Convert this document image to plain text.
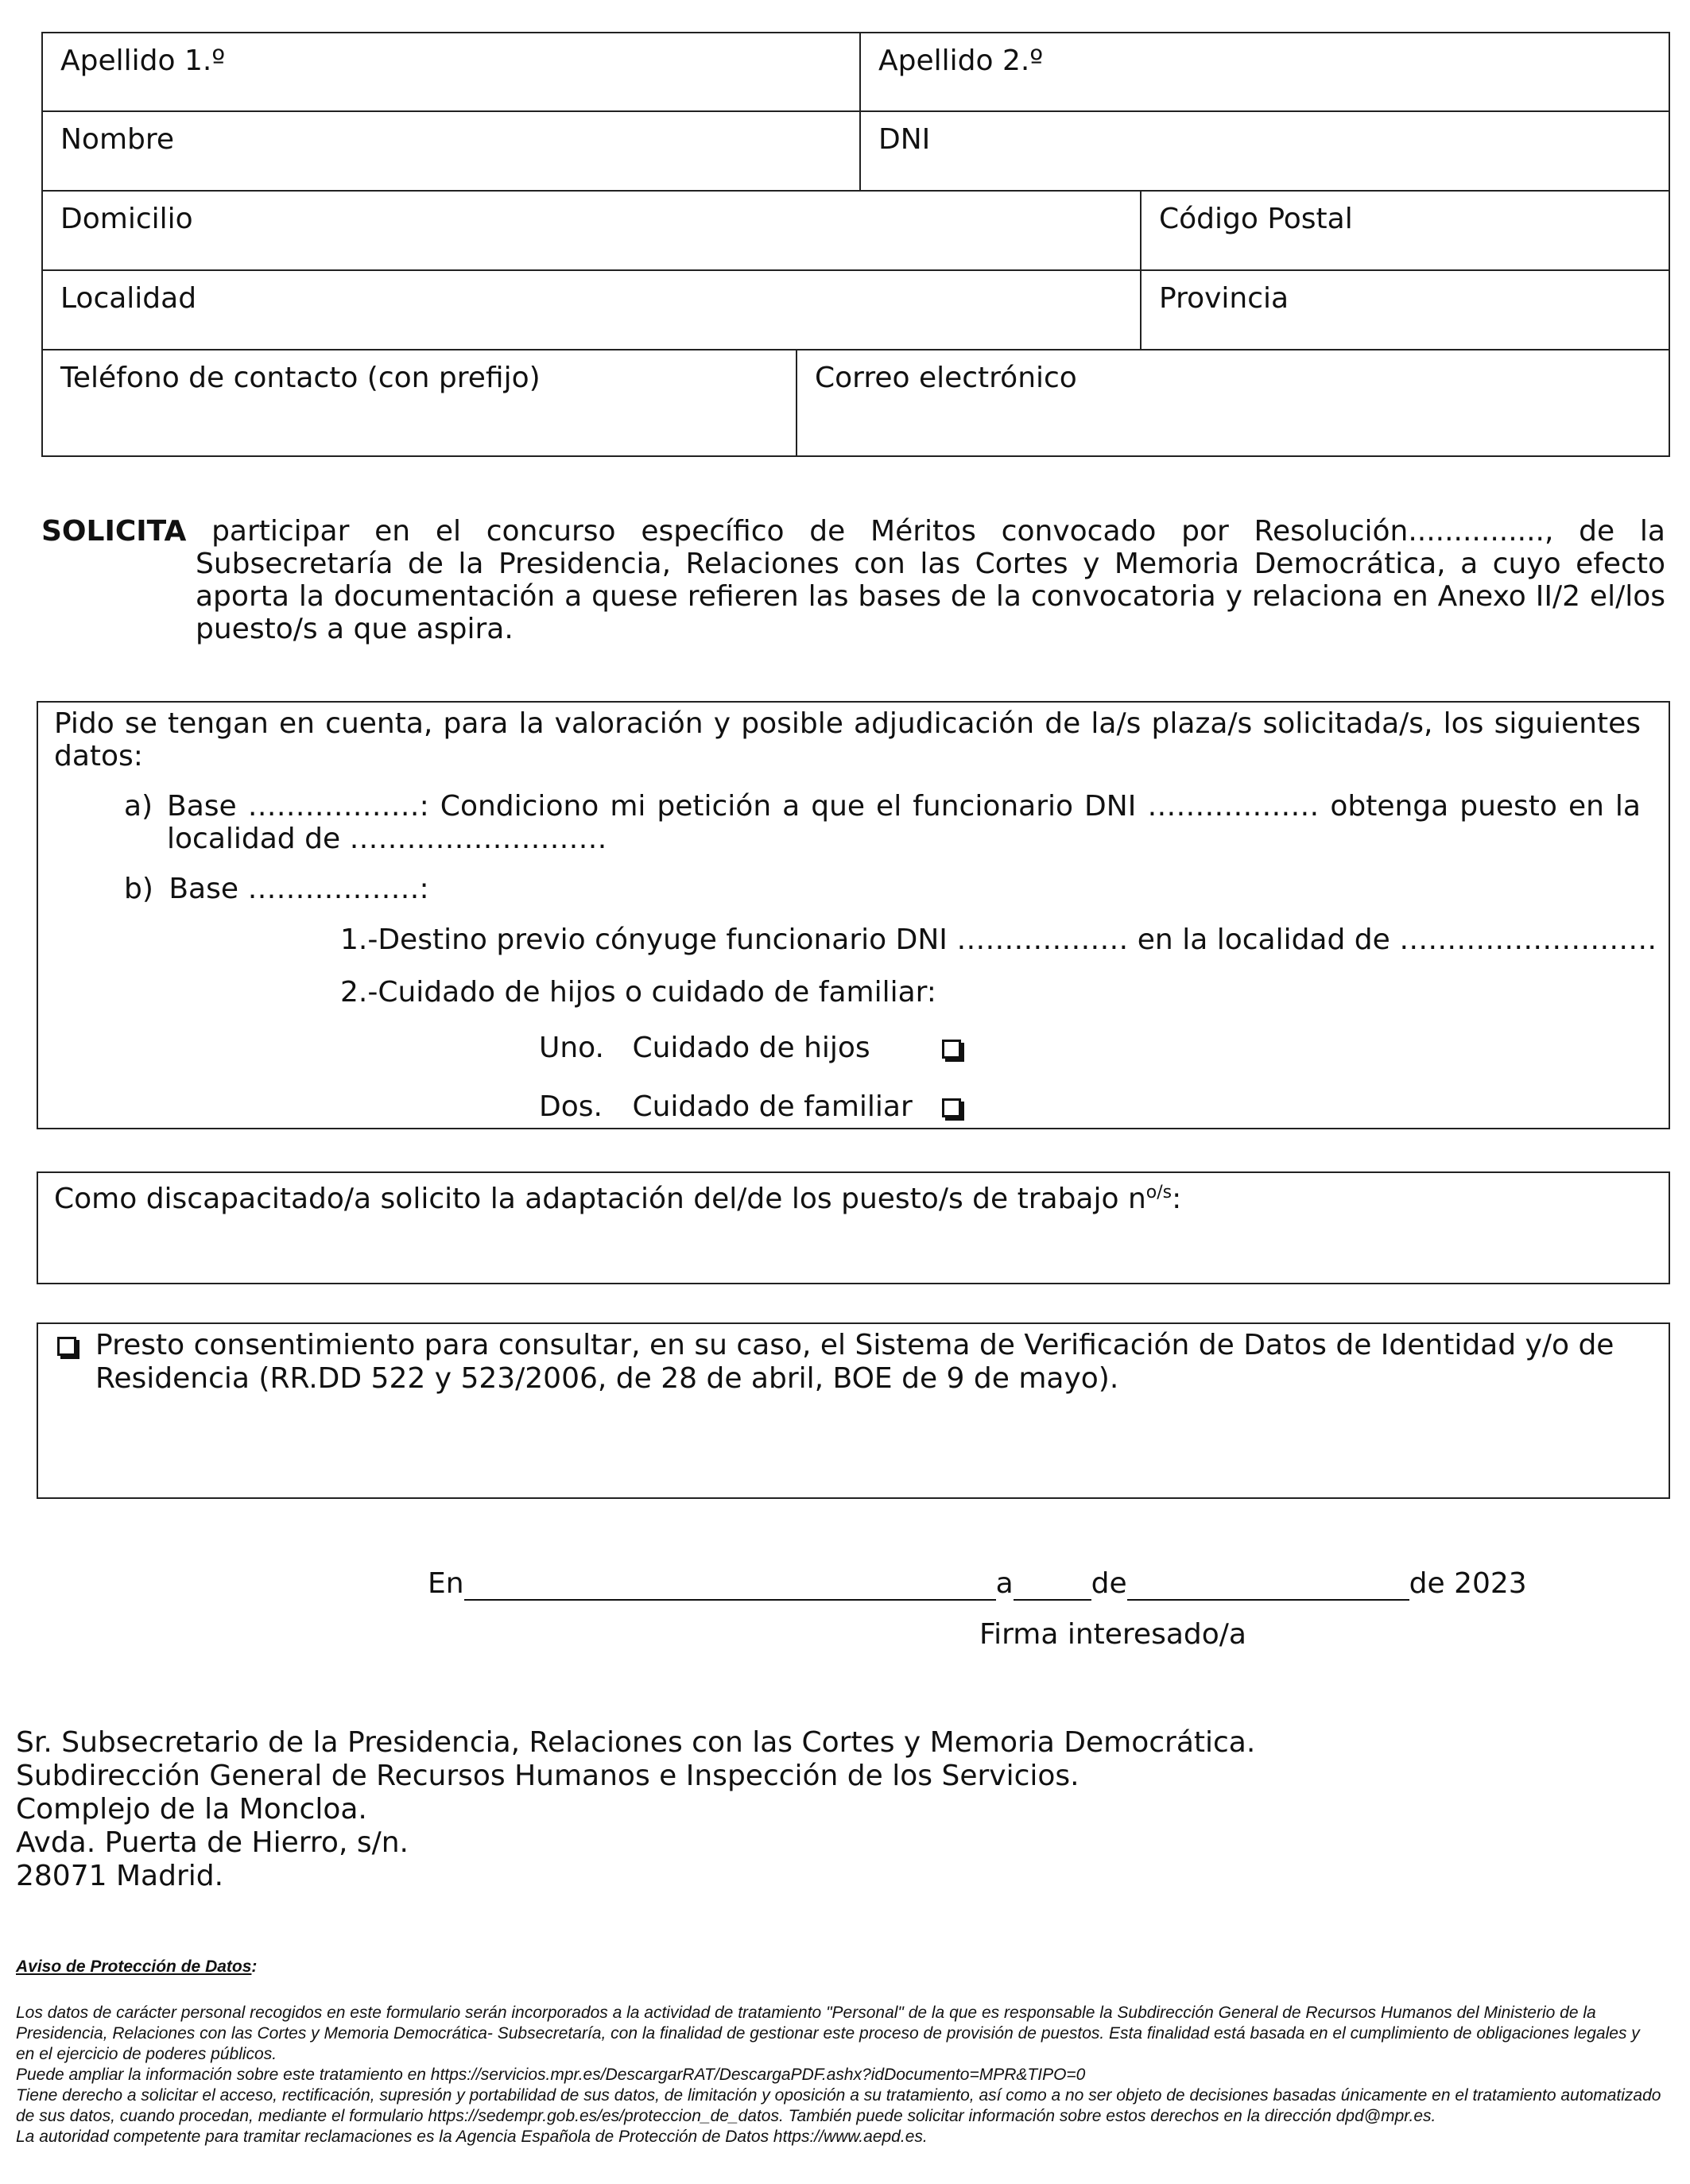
Apellido 1.º	Apellido 2.º
Nombre	DNI
Domicilio	Código Postal
Localidad	Provincia
Teléfono de contacto (con prefijo)	Correo electrónico
SOLICITA participar en el concurso específico de Méritos convocado por Resolución..............., de la Subsecretaría de la Presidencia, Relaciones con las Cortes y Memoria Democrática, a cuyo efecto aporta la documentación a quese refieren las bases de la convocatoria y relaciona en Anexo II/2 el/los puesto/s a que aspira.
Pido se tengan en cuenta, para la valoración y posible adjudicación de la/s plaza/s solicitada/s, los siguientes datos:
a) Base ………………: Condiciono mi petición a que el funcionario DNI ……………… obtenga puesto en la localidad de ………………………
b) Base ………………:
1.-Destino previo cónyuge funcionario DNI ……………… en la localidad de ………………………
2.-Cuidado de hijos o cuidado de familiar:
Uno. Cuidado de hijos
Dos. Cuidado de familiar
Como discapacitado/a solicito la adaptación del/de los puesto/s de trabajo $n^{o/s}$:
Presto consentimiento para consultar, en su caso, el Sistema de Verificación de Datos de Identidad y/o de Residencia (RR.DD 522 y 523/2006, de 28 de abril, BOE de 9 de mayo).
En	a	de	de 2023
Firma interesado/a
Sr. Subsecretario de la Presidencia, Relaciones con las Cortes y Memoria Democrática.
Subdirección General de Recursos Humanos e Inspección de los Servicios.
Complejo de la Moncloa.
Avda. Puerta de Hierro, s/n.
28071 Madrid.
Aviso de Protección de Datos:
Los datos de carácter personal recogidos en este formulario serán incorporados a la actividad de tratamiento "Personal" de la que es responsable la Subdirección General de Recursos Humanos del Ministerio de la Presidencia, Relaciones con las Cortes y Memoria Democrática- Subsecretaría, con la finalidad de gestionar este proceso de provisión de puestos. Esta finalidad está basada en el cumplimiento de obligaciones legales y en el ejercicio de poderes públicos.
Puede ampliar la información sobre este tratamiento en https://servicios.mpr.es/DescargarRAT/DescargaPDF.ashx?idDocumento=MPR&TIPO=0
Tiene derecho a solicitar el acceso, rectificación, supresión y portabilidad de sus datos, de limitación y oposición a su tratamiento, así como a no ser objeto de decisiones basadas únicamente en el tratamiento automatizado de sus datos, cuando procedan, mediante el formulario https://sedempr.gob.es/es/proteccion_de_datos. También puede solicitar información sobre estos derechos en la dirección dpd@mpr.es.
La autoridad competente para tramitar reclamaciones es la Agencia Española de Protección de Datos https://www.aepd.es.
